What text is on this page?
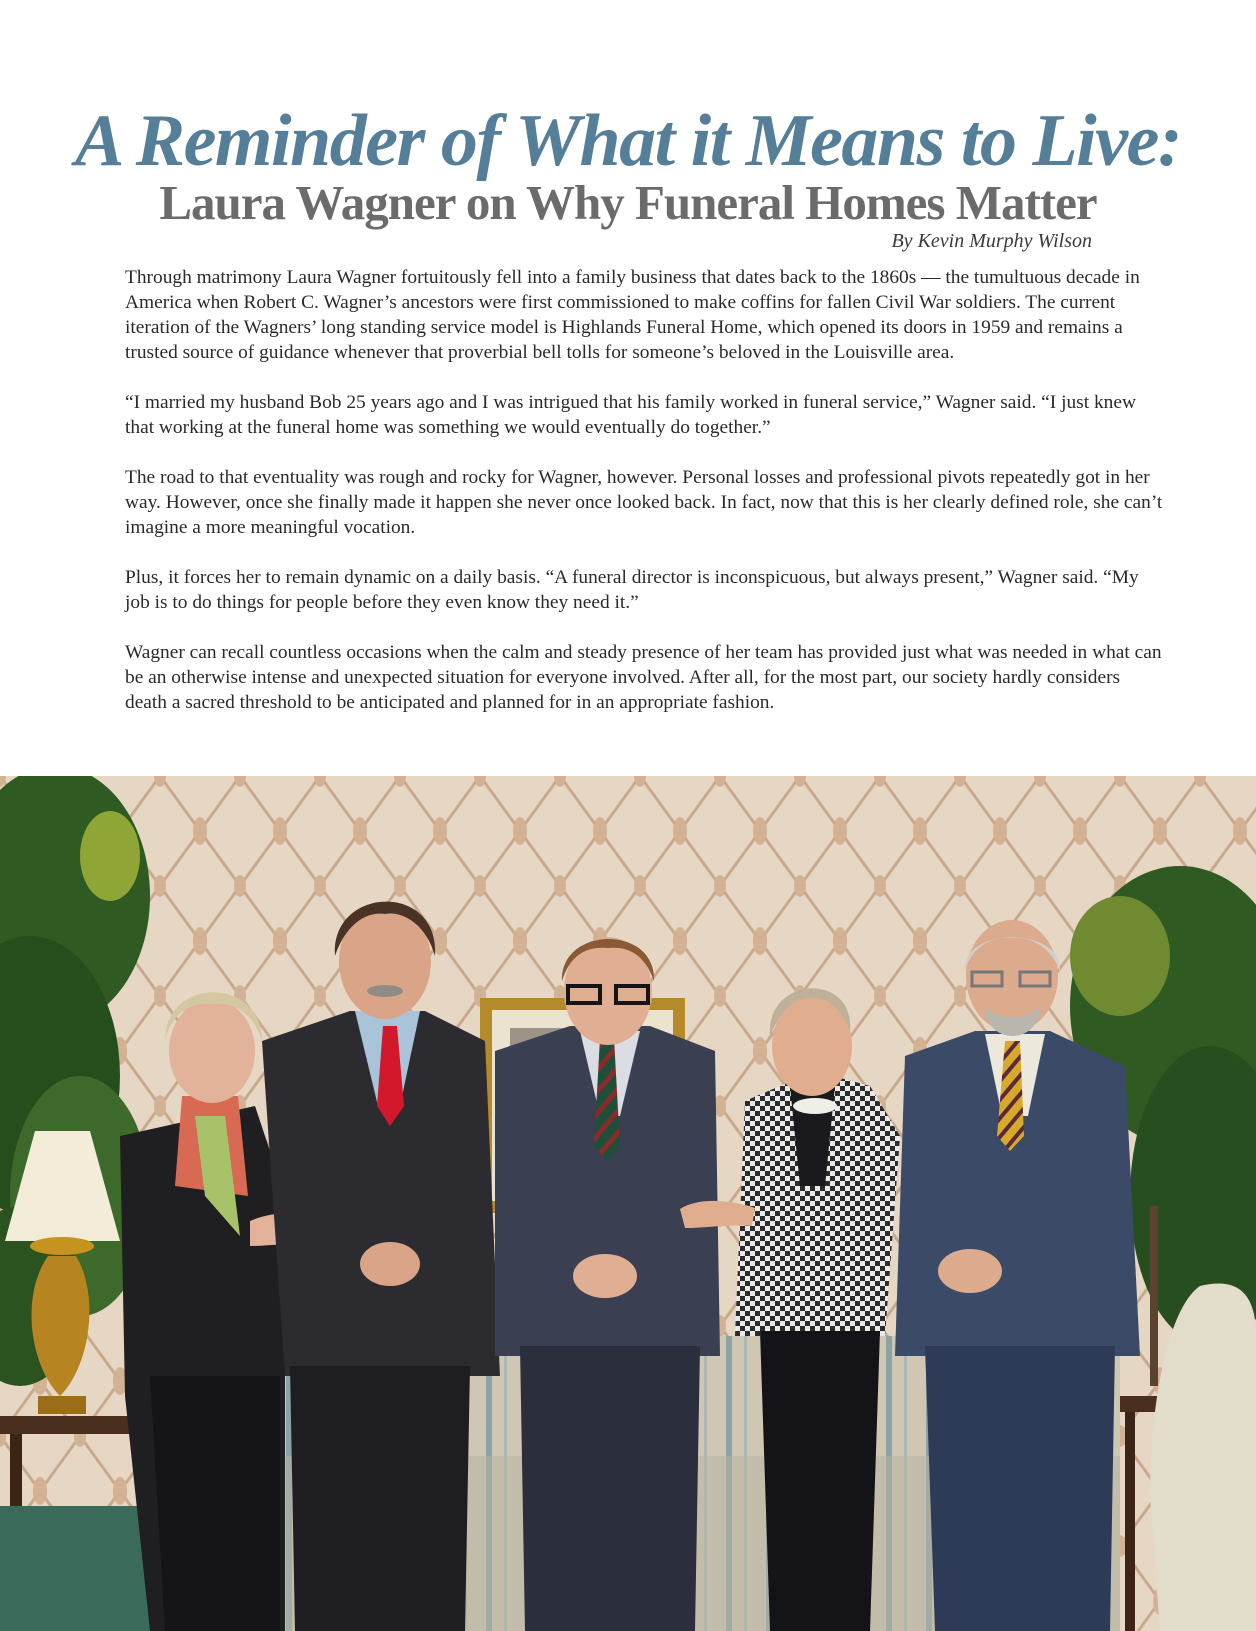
A Reminder of What it Means to Live:
Laura Wagner on Why Funeral Homes Matter
By Kevin Murphy Wilson

Through matrimony Laura Wagner fortuitously fell into a family business that dates back to the 1860s — the tumultuous decade in America when Robert C. Wagner’s ancestors were first commissioned to make coffins for fallen Civil War soldiers. The current iteration of the Wagners’ long standing service model is Highlands Funeral Home, which opened its doors in 1959 and remains a trusted source of guidance whenever that proverbial bell tolls for someone’s beloved in the Louisville area.

“I married my husband Bob 25 years ago and I was intrigued that his family worked in funeral service,” Wagner said. “I just knew that working at the funeral home was something we would eventually do together.”

The road to that eventuality was rough and rocky for Wagner, however. Personal losses and professional pivots repeatedly got in her way. However, once she finally made it happen she never once looked back. In fact, now that this is her clearly defined role, she can’t imagine a more meaningful vocation.

Plus, it forces her to remain dynamic on a daily basis. “A funeral director is inconspicuous, but always present,” Wagner said. “My job is to do things for people before they even know they need it.”

Wagner can recall countless occasions when the calm and steady presence of her team has provided just what was needed in what can be an otherwise intense and unexpected situation for everyone involved. After all, for the most part, our society hardly considers death a sacred threshold to be anticipated and planned for in an appropriate fashion.
